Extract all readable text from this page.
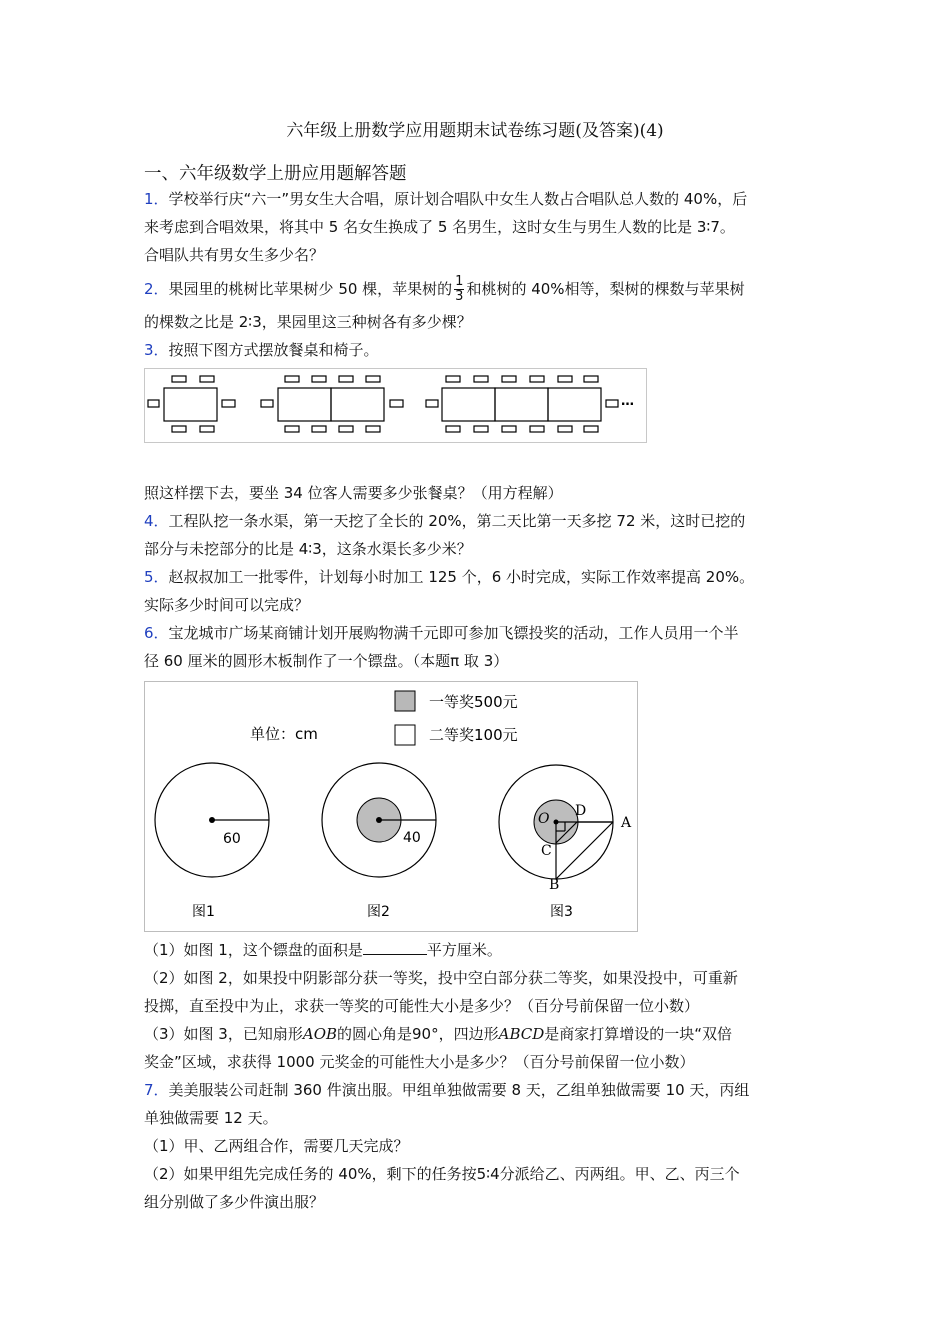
六年级上册数学应用题期末试卷练习题(及答案)(4)
一、六年级数学上册应用题解答题

1．学校举行庆“六一”男女生大合唱，原计划合唱队中女生人数占合唱队总人数的 40%，后

来考虑到合唱效果，将其中 5 名女生换成了 5 名男生，这时女生与男生人数的比是 3∶7。

合唱队共有男女生多少名？

2．果园里的桃树比苹果树少 50 棵，苹果树的 $\frac{1}{3}$ 和桃树的 40%相等，梨树的棵数与苹果树

的棵数之比是 2∶3，果园里这三种树各有多少棵？

3．按照下图方式摆放餐桌和椅子。

…

照这样摆下去，要坐 34 位客人需要多少张餐桌？（用方程解）

4．工程队挖一条水渠，第一天挖了全长的 20%，第二天比第一天多挖 72 米，这时已挖的

部分与未挖部分的比是 4∶3，这条水渠长多少米？

5．赵叔叔加工一批零件，计划每小时加工 125 个，6 小时完成，实际工作效率提高 20%。

实际多少时间可以完成？

6．宝龙城市广场某商铺计划开展购物满千元即可参加飞镖投奖的活动，工作人员用一个半

径 60 厘米的圆形木板制作了一个镖盘。（本题π 取 3）

一等奖500元
二等奖100元
单位：cm
60
图1
40
图2
O D
A
C
B
图3

（1）如图 1，这个镖盘的面积是	平方厘米。

（2）如图 2，如果投中阴影部分获一等奖，投中空白部分获二等奖，如果没投中，可重新

投掷，直至投中为止，求获一等奖的可能性大小是多少？（百分号前保留一位小数）

（3）如图 3，已知扇形AOB的圆心角是90°，四边形ABCD是商家打算增设的一块“双倍

奖金”区域，求获得 1000 元奖金的可能性大小是多少？（百分号前保留一位小数）

7．美美服装公司赶制 360 件演出服。甲组单独做需要 8 天，乙组单独做需要 10 天，丙组

单独做需要 12 天。

（1）甲、乙两组合作，需要几天完成？

（2）如果甲组先完成任务的 40%，剩下的任务按5∶4分派给乙、丙两组。甲、乙、丙三个

组分别做了多少件演出服？
